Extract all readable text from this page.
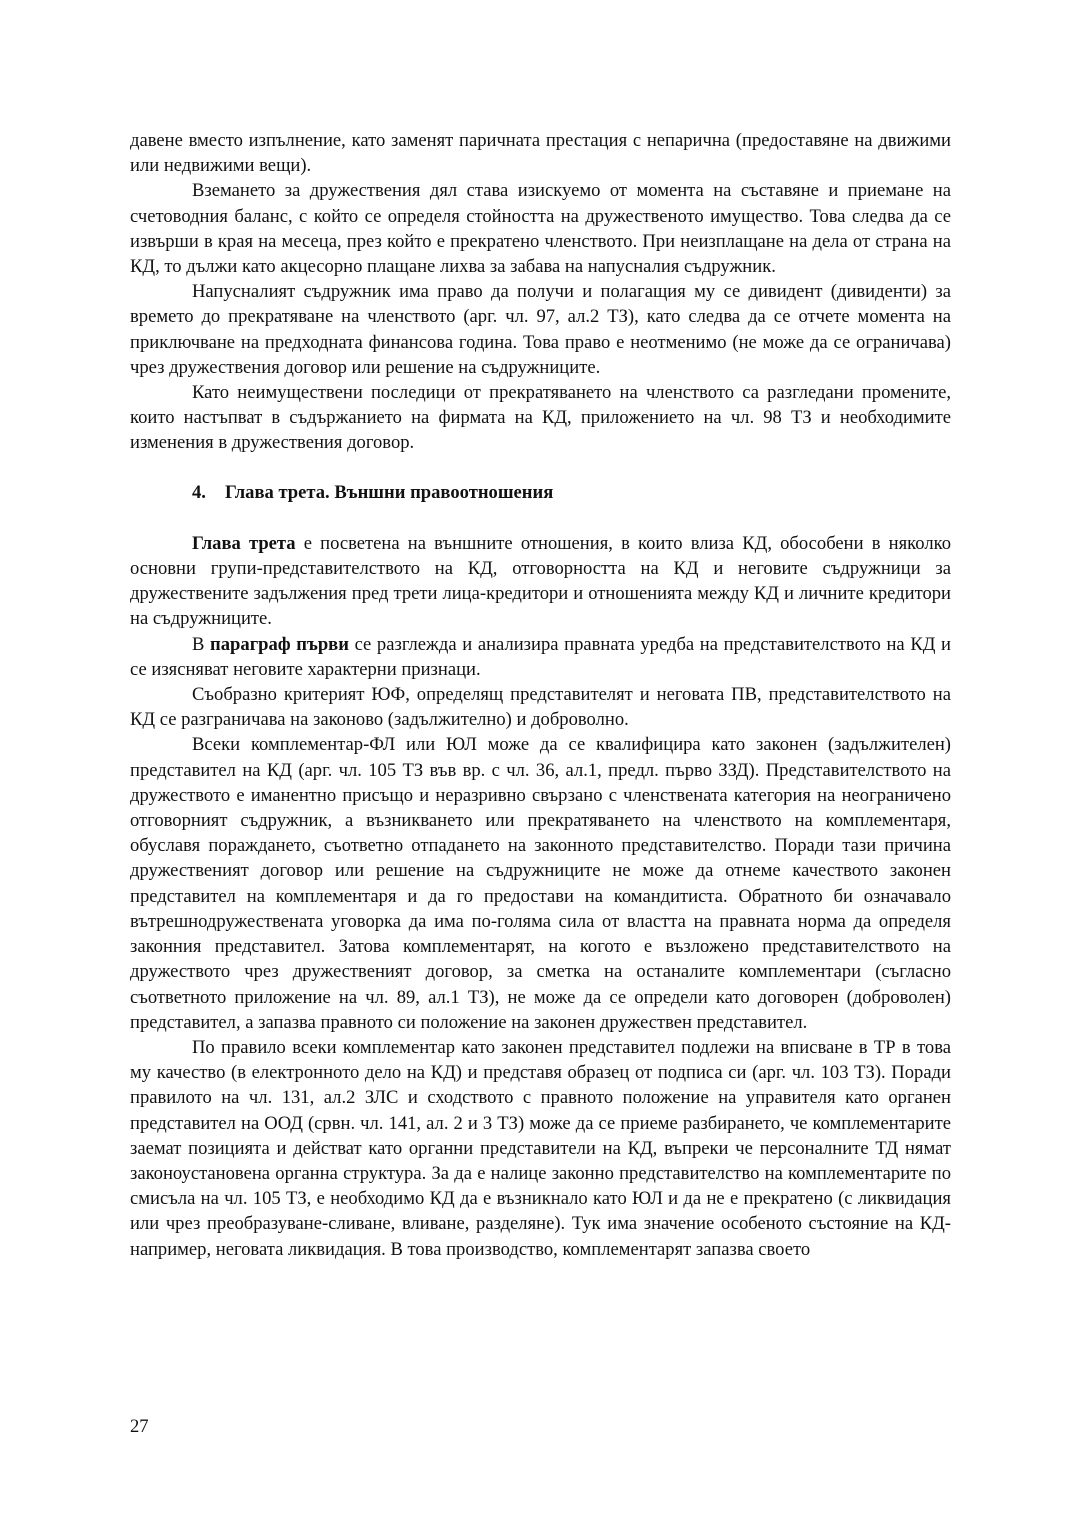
давене вместо изпълнение, като заменят паричната престация с непарична (предоставяне на движими или недвижими вещи).

Вземането за дружествения дял става изискуемо от момента на съставяне и приемане на счетоводния баланс, с който се определя стойността на дружественото имущество. Това следва да се извърши в края на месеца, през който е прекратено членството. При неизплащане на дела от страна на КД, то дължи като акцесорно плащане лихва за забава на напусналия съдружник.

Напусналият съдружник има право да получи и полагащия му се дивидент (дивиденти) за времето до прекратяване на членството (арг. чл. 97, ал.2 ТЗ), като следва да се отчете момента на приключване на предходната финансова година. Това право е неотменимо (не може да се ограничава) чрез дружествения договор или решение на съдружниците.

Като неимуществени последици от прекратяването на членството са разгледани промените, които настъпват в съдържанието на фирмата на КД, приложението на чл. 98 ТЗ и необходимите изменения в дружествения договор.

4. Глава трета. Външни правоотношения

Глава трета е посветена на външните отношения, в които влиза КД, обособени в няколко основни групи-представителството на КД, отговорността на КД и неговите съдружници за дружествените задължения пред трети лица-кредитори и отношенията между КД и личните кредитори на съдружниците.

В параграф първи се разглежда и анализира правната уредба на представителството на КД и се изясняват неговите характерни признаци.

Съобразно критерият ЮФ, определящ представителят и неговата ПВ, представителството на КД се разграничава на законово (задължително) и доброволно.

Всеки комплементар-ФЛ или ЮЛ може да се квалифицира като законен (задължителен) представител на КД (арг. чл. 105 ТЗ във вр. с чл. 36, ал.1, предл. първо ЗЗД). Представителството на дружеството е иманентно присъщо и неразривно свързано с членствената категория на неограничено отговорният съдружник, а възникването или прекратяването на членството на комплементаря, обуславя пораждането, съответно отпадането на законното представителство. Поради тази причина дружественият договор или решение на съдружниците не може да отнеме качеството законен представител на комплементаря и да го предостави на командитиста. Обратното би означавало вътрешнодружествената уговорка да има по-голяма сила от властта на правната норма да определя законния представител. Затова комплементарят, на когото е възложено представителството на дружеството чрез дружественият договор, за сметка на останалите комплементари (съгласно съответното приложение на чл. 89, ал.1 ТЗ), не може да се определи като договорен (доброволен) представител, а запазва правното си положение на законен дружествен представител.

По правило всеки комплементар като законен представител подлежи на вписване в ТР в това му качество (в електронното дело на КД) и представя образец от подписа си (арг. чл. 103 ТЗ). Поради правилото на чл. 131, ал.2 ЗЛС и сходството с правното положение на управителя като органен представител на ООД (срвн. чл. 141, ал. 2 и 3 ТЗ) може да се приеме разбирането, че комплементарите заемат позицията и действат като органни представители на КД, въпреки че персоналните ТД нямат законоустановена органна структура. За да е налице законно представителство на комплементарите по смисъла на чл. 105 ТЗ, е необходимо КД да е възникнало като ЮЛ и да не е прекратено (с ликвидация или чрез преобразуване-сливане, вливане, разделяне). Тук има значение особеното състояние на КД-например, неговата ликвидация. В това производство, комплементарят запазва своето

27
